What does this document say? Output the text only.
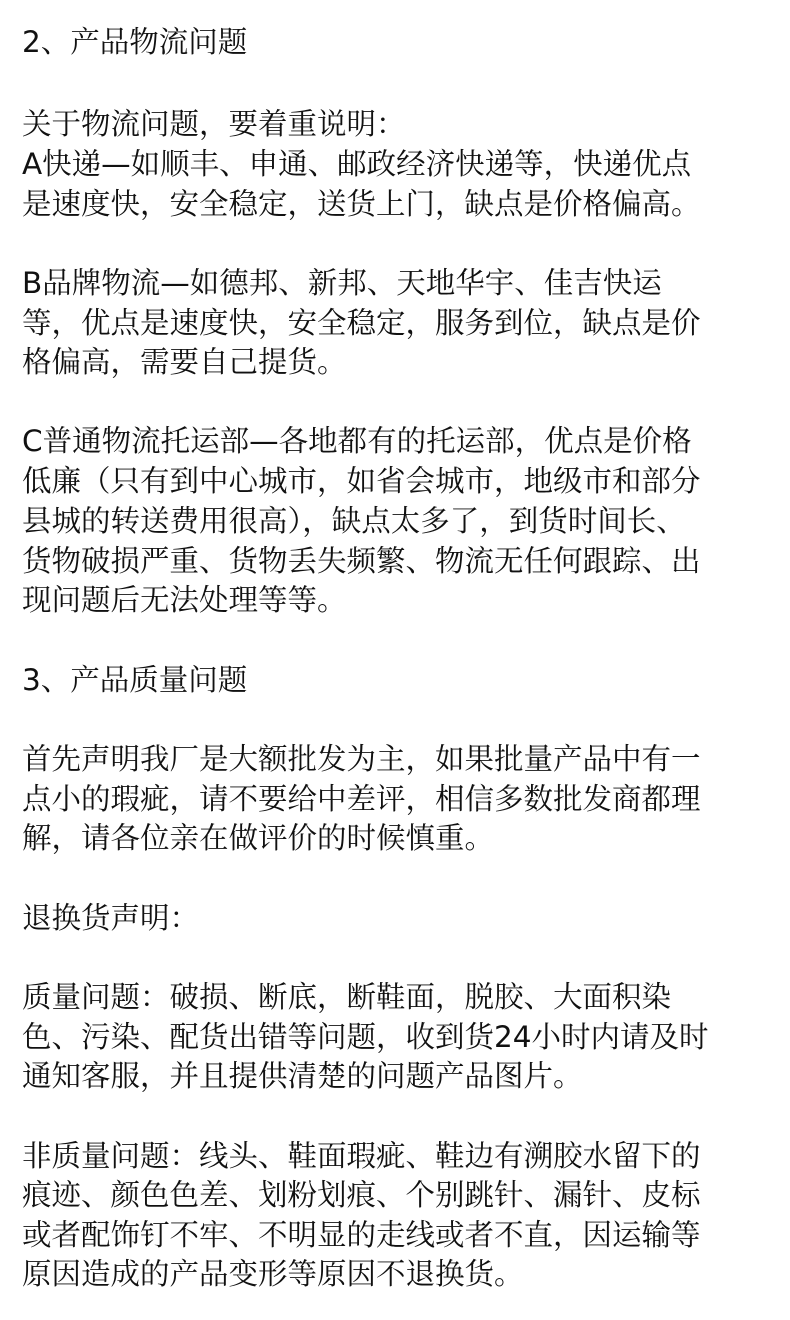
2、产品物流问题
关于物流问题，要着重说明：
A快递—如顺丰、申通、邮政经济快递等，快递优点
是速度快，安全稳定，送货上门，缺点是价格偏高。
B品牌物流—如德邦、新邦、天地华宇、佳吉快运
等，优点是速度快，安全稳定，服务到位，缺点是价
格偏高，需要自己提货。
C普通物流托运部—各地都有的托运部，优点是价格
低廉（只有到中心城市，如省会城市，地级市和部分
县城的转送费用很高），缺点太多了，到货时间长、
货物破损严重、货物丢失频繁、物流无任何跟踪、出
现问题后无法处理等等。
3、产品质量问题
首先声明我厂是大额批发为主，如果批量产品中有一
点小的瑕疵，请不要给中差评，相信多数批发商都理
解，请各位亲在做评价的时候慎重。
退换货声明：
质量问题：破损、断底，断鞋面，脱胶、大面积染
色、污染、配货出错等问题，收到货24小时内请及时
通知客服，并且提供清楚的问题产品图片。
非质量问题：线头、鞋面瑕疵、鞋边有溯胶水留下的
痕迹、颜色色差、划粉划痕、个别跳针、漏针、皮标
或者配饰钉不牢、不明显的走线或者不直，因运输等
原因造成的产品变形等原因不退换货。
